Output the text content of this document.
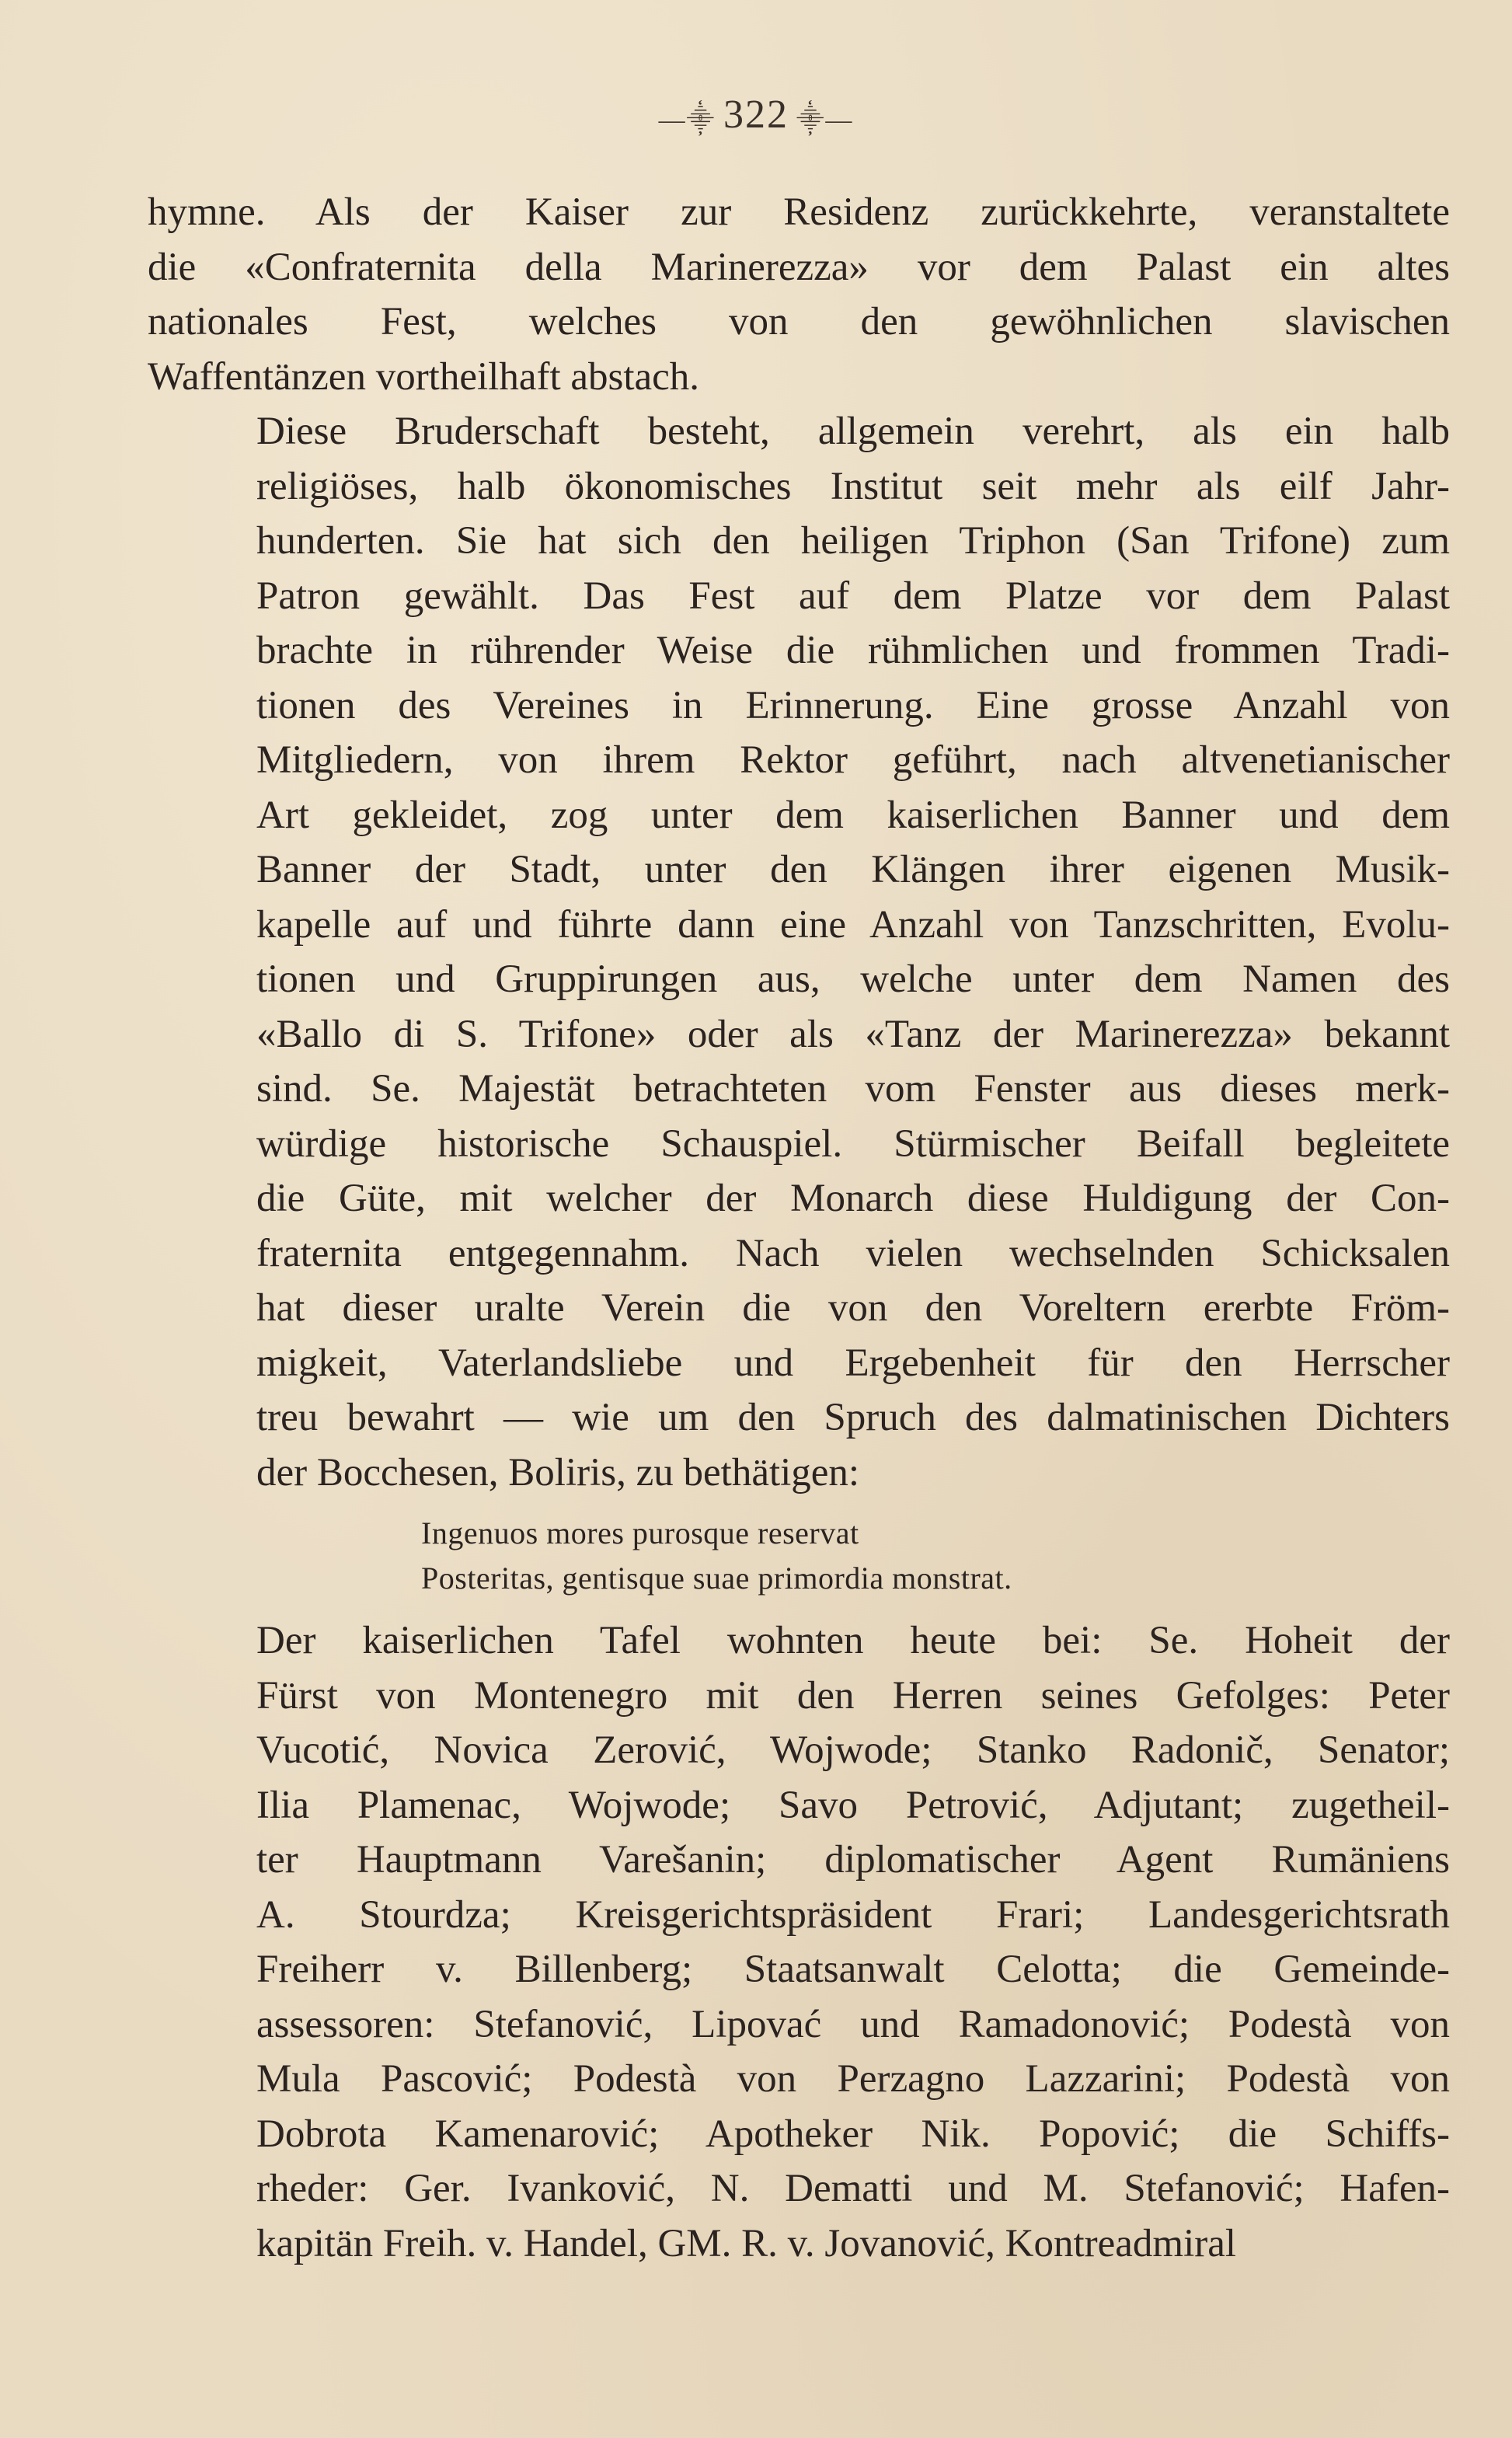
—⸎ 322 ⸎—

hymne. Als der Kaiser zur Residenz zurückkehrte, veranstaltete
die «Confraternita della Marinerezza» vor dem Palast ein altes
nationales Fest, welches von den gewöhnlichen slavischen
Waffentänzen vortheilhaft abstach.

Diese Bruderschaft besteht, allgemein verehrt, als ein halb
religiöses, halb ökonomisches Institut seit mehr als eilf Jahr-
hunderten. Sie hat sich den heiligen Triphon (San Trifone) zum
Patron gewählt. Das Fest auf dem Platze vor dem Palast
brachte in rührender Weise die rühmlichen und frommen Tradi-
tionen des Vereines in Erinnerung. Eine grosse Anzahl von
Mitgliedern, von ihrem Rektor geführt, nach altvenetianischer
Art gekleidet, zog unter dem kaiserlichen Banner und dem
Banner der Stadt, unter den Klängen ihrer eigenen Musik-
kapelle auf und führte dann eine Anzahl von Tanzschritten, Evolu-
tionen und Gruppirungen aus, welche unter dem Namen des
«Ballo di S. Trifone» oder als «Tanz der Marinerezza» bekannt
sind. Se. Majestät betrachteten vom Fenster aus dieses merk-
würdige historische Schauspiel. Stürmischer Beifall begleitete
die Güte, mit welcher der Monarch diese Huldigung der Con-
fraternita entgegennahm. Nach vielen wechselnden Schicksalen
hat dieser uralte Verein die von den Voreltern ererbte Fröm-
migkeit, Vaterlandsliebe und Ergebenheit für den Herrscher
treu bewahrt — wie um den Spruch des dalmatinischen Dichters
der Bocchesen, Boliris, zu bethätigen:

Ingenuos mores purosque reservat
Posteritas, gentisque suae primordia monstrat.

Der kaiserlichen Tafel wohnten heute bei: Se. Hoheit der
Fürst von Montenegro mit den Herren seines Gefolges: Peter
Vucotić, Novica Zerović, Wojwode; Stanko Radonič, Senator;
Ilia Plamenac, Wojwode; Savo Petrović, Adjutant; zugetheil-
ter Hauptmann Varešanin; diplomatischer Agent Rumäniens
A. Stourdza; Kreisgerichtspräsident Frari; Landesgerichtsrath
Freiherr v. Billenberg; Staatsanwalt Celotta; die Gemeinde-
assessoren: Stefanović, Lipovać und Ramadonović; Podestà von
Mula Pascović; Podestà von Perzagno Lazzarini; Podestà von
Dobrota Kamenarović; Apotheker Nik. Popović; die Schiffs-
rheder: Ger. Ivanković, N. Dematti und M. Stefanović; Hafen-
kapitän Freih. v. Handel, GM. R. v. Jovanović, Kontreadmiral
